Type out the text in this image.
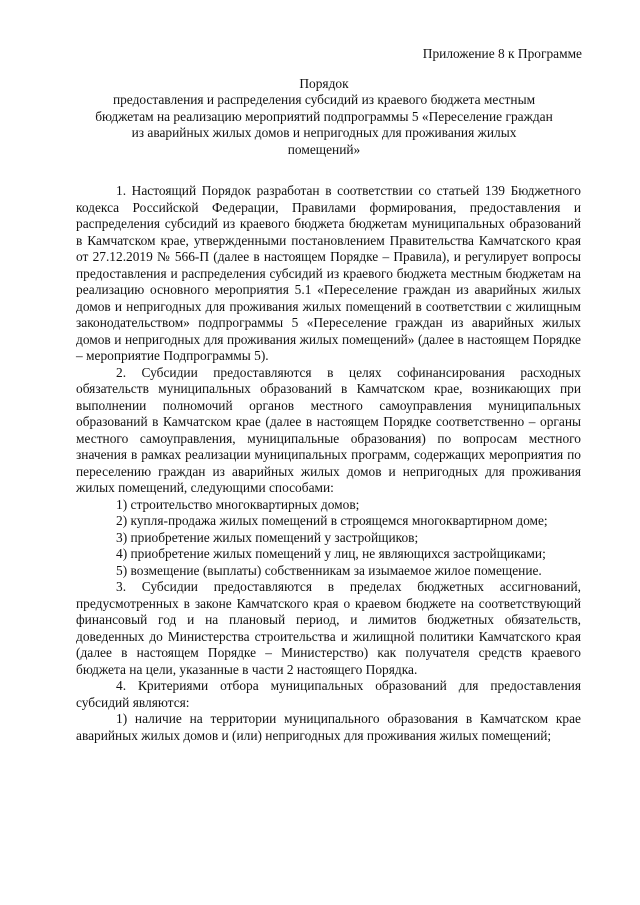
Приложение 8 к Программе
Порядок
предоставления и распределения субсидий из краевого бюджета местным
бюджетам на реализацию мероприятий подпрограммы 5 «Переселение граждан
из аварийных жилых домов и непригодных для проживания жилых
помещений»

1. Настоящий Порядок разработан в соответствии со статьей 139 Бюджетного кодекса Российской Федерации, Правилами формирования, предоставления и распределения субсидий из краевого бюджета бюджетам муниципальных образований в Камчатском крае, утвержденными постановлением Правительства Камчатского края от 27.12.2019 № 566-П (далее в настоящем Порядке – Правила), и регулирует вопросы предоставления и распределения субсидий из краевого бюджета местным бюджетам на реализацию основного мероприятия 5.1 «Переселение граждан из аварийных жилых домов и непригодных для проживания жилых помещений в соответствии с жилищным законодательством» подпрограммы 5 «Переселение граждан из аварийных жилых домов и непригодных для проживания жилых помещений» (далее в настоящем Порядке – мероприятие Подпрограммы 5).

2. Субсидии предоставляются в целях софинансирования расходных обязательств муниципальных образований в Камчатском крае, возникающих при выполнении полномочий органов местного самоуправления муниципальных образований в Камчатском крае (далее в настоящем Порядке соответственно – органы местного самоуправления, муниципальные образования) по вопросам местного значения в рамках реализации муниципальных программ, содержащих мероприятия по переселению граждан из аварийных жилых домов и непригодных для проживания жилых помещений, следующими способами:

1) строительство многоквартирных домов;

2) купля-продажа жилых помещений в строящемся многоквартирном доме;

3) приобретение жилых помещений у застройщиков;

4) приобретение жилых помещений у лиц, не являющихся застройщиками;

5) возмещение (выплаты) собственникам за изымаемое жилое помещение.

3. Субсидии предоставляются в пределах бюджетных ассигнований, предусмотренных в законе Камчатского края о краевом бюджете на соответствующий финансовый год и на плановый период, и лимитов бюджетных обязательств, доведенных до Министерства строительства и жилищной политики Камчатского края (далее в настоящем Порядке – Министерство) как получателя средств краевого бюджета на цели, указанные в части 2 настоящего Порядка.

4. Критериями отбора муниципальных образований для предоставления субсидий являются:

1) наличие на территории муниципального образования в Камчатском крае аварийных жилых домов и (или) непригодных для проживания жилых помещений;
